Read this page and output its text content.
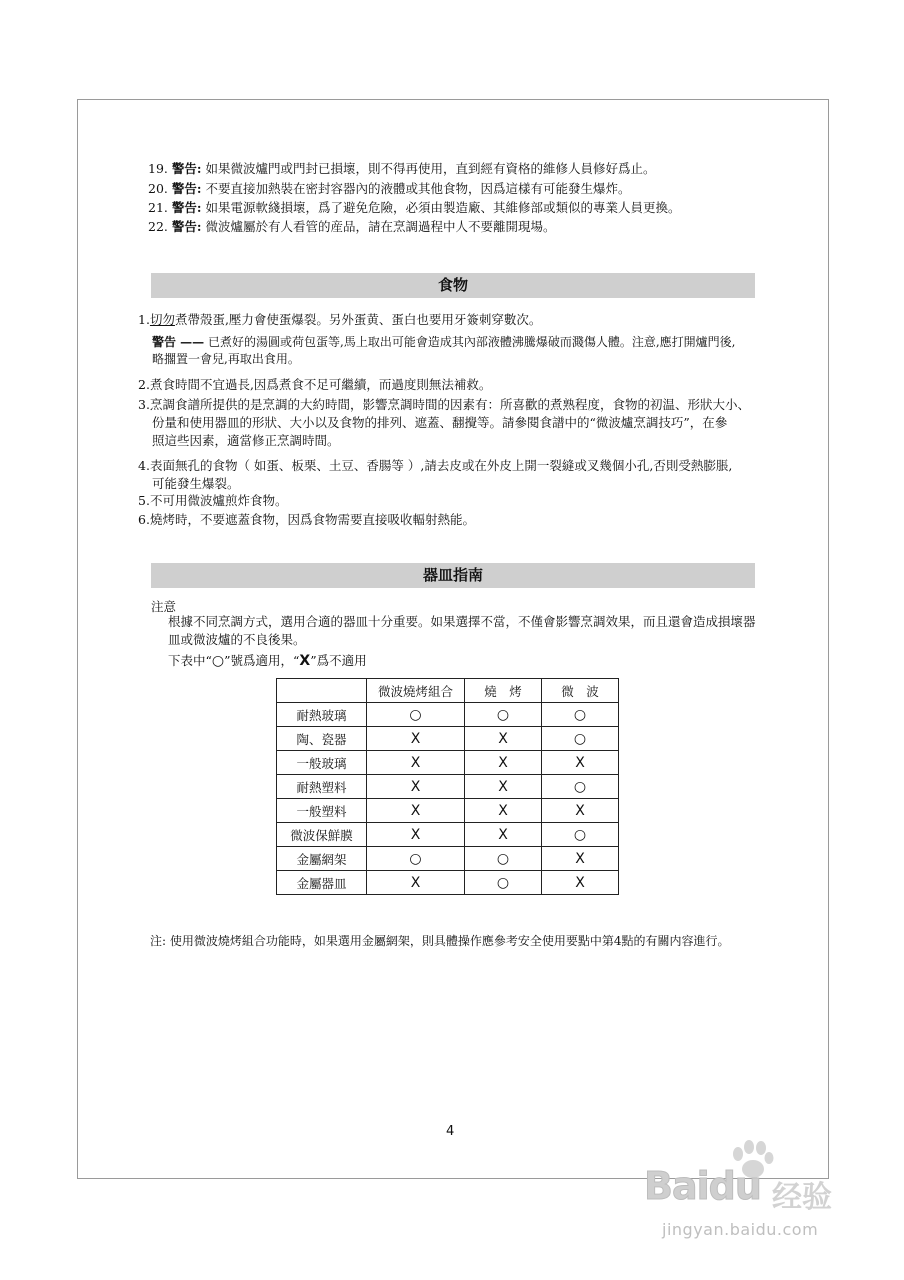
19. 警告: 如果微波爐門或門封已損壞，則不得再使用，直到經有資格的維修人員修好爲止。
20. 警告: 不要直接加熱裝在密封容器內的液體或其他食物，因爲這樣有可能發生爆炸。
21. 警告: 如果電源軟綫損壞，爲了避免危險，必須由製造廠、其維修部或類似的專業人員更換。
22. 警告: 微波爐屬於有人看管的産品，請在烹調過程中人不要離開現場。
食物
1.切勿煮帶殼蛋,壓力會使蛋爆裂。另外蛋黄、蛋白也要用牙簽刺穿數次。
警告 —— 已煮好的湯圓或荷包蛋等,馬上取出可能會造成其內部液體沸騰爆破而濺傷人體。注意,應打開爐門後,
略擱置一會兒,再取出食用。
2.煮食時間不宜過長,因爲煮食不足可繼續，而過度則無法補救。
3.烹調食譜所提供的是烹調的大約時間，影響烹調時間的因素有：所喜歡的煮熟程度，食物的初温、形狀大小、
份量和使用器皿的形狀、大小以及食物的排列、遮蓋、翻攪等。請參閱食譜中的“微波爐烹調技巧”，在參
照這些因素，適當修正烹調時間。
4.表面無孔的食物（ 如蛋、板栗、土豆、香腸等 ）,請去皮或在外皮上開一裂縫或叉幾個小孔,否則受熱膨脹,
可能發生爆裂。
5.不可用微波爐煎炸食物。
6.燒烤時，不要遮蓋食物，因爲食物需要直接吸收輻射熱能。
器皿指南
注意
根據不同烹調方式，選用合適的器皿十分重要。如果選擇不當，不僅會影響烹調效果，而且還會造成損壞器
皿或微波爐的不良後果。
下表中“○”號爲適用，“X”爲不適用
	微波燒烤組合	燒　烤	微　波
耐熱玻璃	○	○	○
陶、瓷器	X	X	○
一般玻璃	X	X	X
耐熱塑料	X	X	○
一般塑料	X	X	X
微波保鮮膜	X	X	○
金屬網架	○	○	X
金屬器皿	X	○	X
注: 使用微波燒烤組合功能時，如果選用金屬網架，則具體操作應參考安全使用要點中第4點的有關内容進行。
4
Baidu 经验
jingyan.baidu.com
